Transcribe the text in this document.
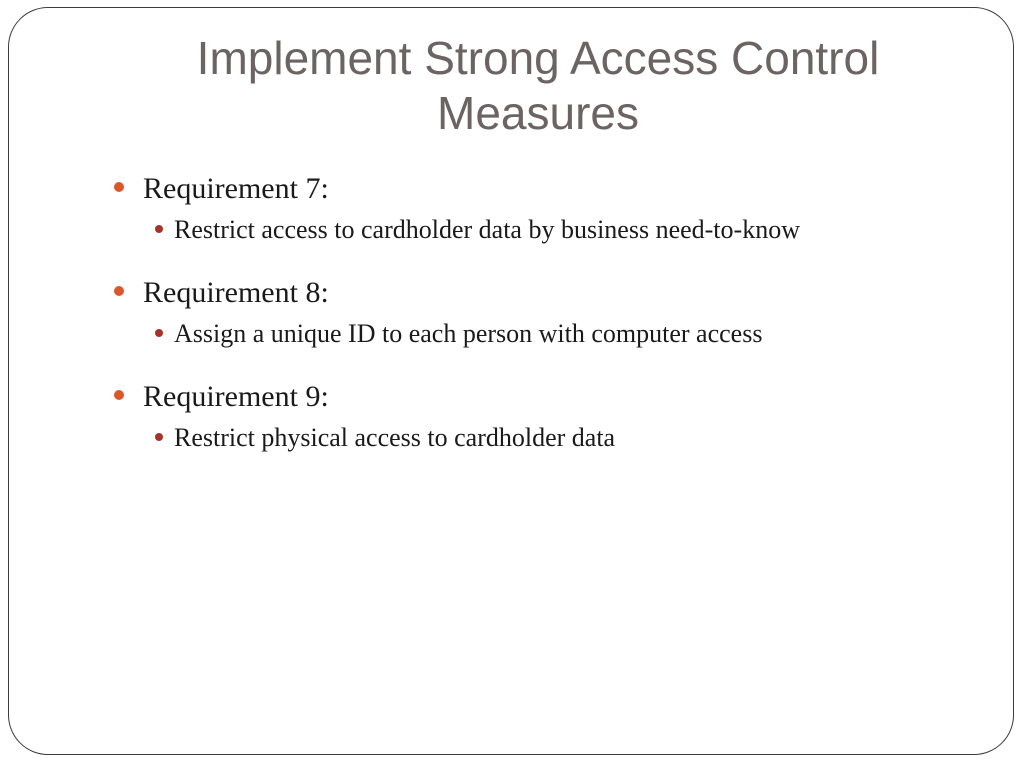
Implement Strong Access Control
Measures
Requirement 7:
Restrict access to cardholder data by business need-to-know
Requirement 8:
Assign a unique ID to each person with computer access
Requirement 9:
Restrict physical access to cardholder data
